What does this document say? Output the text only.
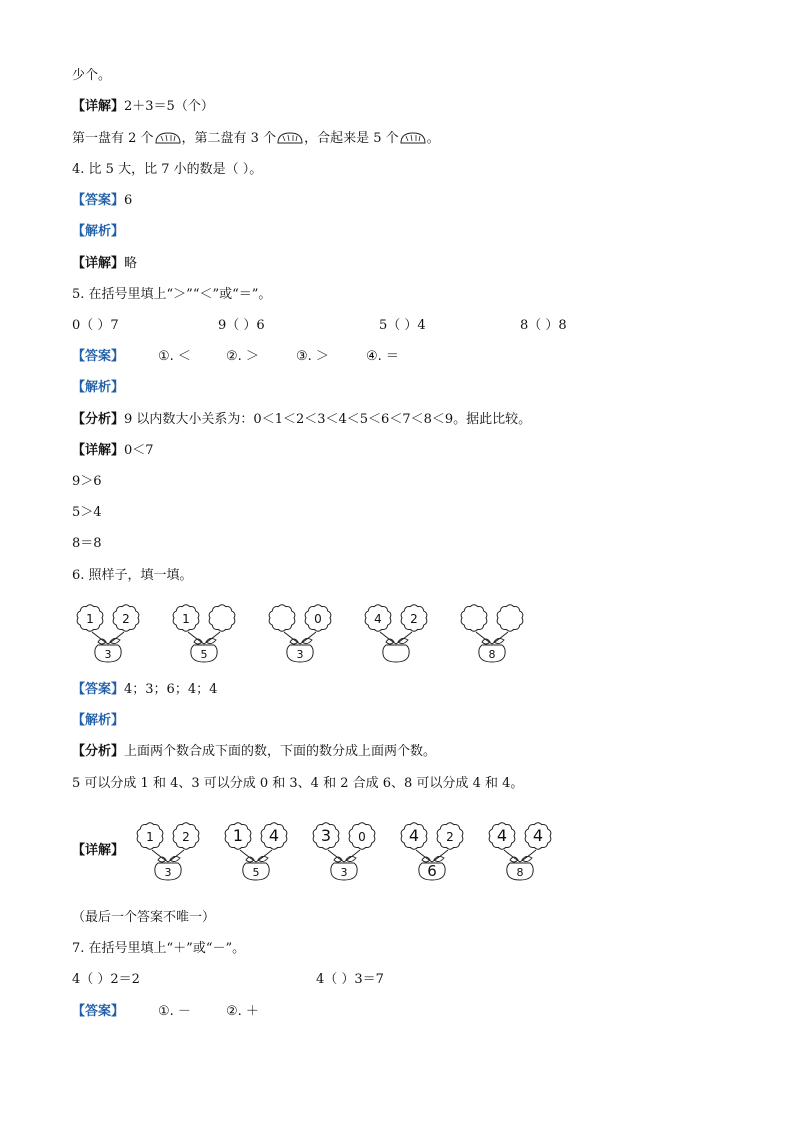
少个。
【详解】2＋3＝5（个）
第一盘有 2 个 ，第二盘有 3 个 ，合起来是 5 个 。
4. 比 5 大，比 7 小的数是（ ）。
【答案】6
【解析】
【详解】略
5. 在括号里填上“＞”“＜”或“＝”。
0（ ）7	9（ ）6	5（ ）4	8（ ）8
【答案】	①. ＜	②. ＞	③. ＞	④. ＝
【解析】
【分析】9 以内数大小关系为：0＜1＜2＜3＜4＜5＜6＜7＜8＜9。据此比较。
【详解】0＜7
9＞6
5＞4
8＝8
6. 照样子，填一填。
1 2
3
1
5
0
3
4 2
8
【答案】4；3；6；4；4
【解析】
【分析】上面两个数合成下面的数，下面的数分成上面两个数。
5 可以分成 1 和 4、3 可以分成 0 和 3、4 和 2 合成 6、8 可以分成 4 和 4。
【详解】
1 2
3
1 4
5
3 0
3
4 2
6
4 4
8
（最后一个答案不唯一）
7. 在括号里填上“＋”或“－”。
4（ ）2＝2	4（ ）3＝7
【答案】	①. －	②. ＋
